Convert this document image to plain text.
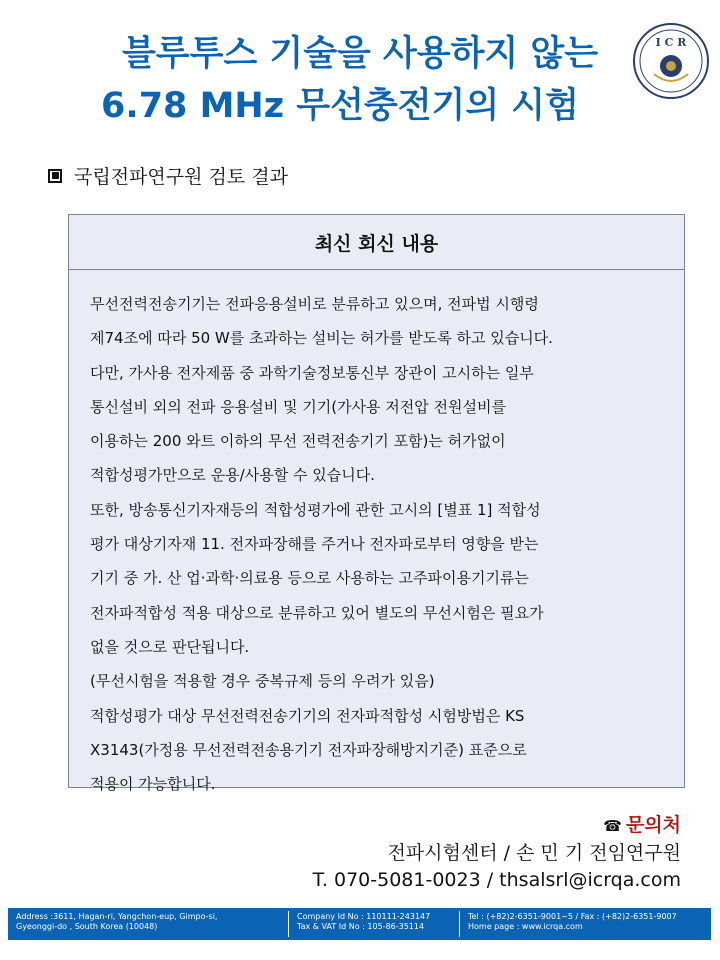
블루투스 기술을 사용하지 않는

6.78 MHz 무선충전기의 시험
I C R
국립전파연구원 검토 결과
최신 회신 내용

무선전력전송기기는 전파응용설비로 분류하고 있으며, 전파법 시행령

제74조에 따라 50 W를 초과하는 설비는 허가를 받도록 하고 있습니다.

다만, 가사용 전자제품 중 과학기술정보통신부 장관이 고시하는 일부

통신설비 외의 전파 응용설비 및 기기(가사용 저전압 전원설비를

이용하는 200 와트 이하의 무선 전력전송기기 포함)는 허가없이

적합성평가만으로 운용/사용할 수 있습니다.

또한, 방송통신기자재등의 적합성평가에 관한 고시의 [별표 1] 적합성

평가 대상기자재 11. 전자파장해를 주거나 전자파로부터 영향을 받는

기기 중 가. 산 업·과학·의료용 등으로 사용하는 고주파이용기기류는

전자파적합성 적용 대상으로 분류하고 있어 별도의 무선시험은 필요가

없을 것으로 판단됩니다.

(무선시험을 적용할 경우 중복규제 등의 우려가 있음)

적합성평가 대상 무선전력전송기기의 전자파적합성 시험방법은 KS

X3143(가정용 무선전력전송용기기 전자파장해방지기준) 표준으로

적용이 가능합니다.

☎ 문의처
전파시험센터 / 손 민 기 전임연구원
T. 070-5081-0023 / thsalsrl@icrqa.com
Address :3611, Hagan-ri, Yangchon-eup, Gimpo-si,
Gyeonggi-do , South Korea (10048)
Company Id No : 110111-243147
Tax & VAT Id No : 105-86-35114
Tel : (+82)2-6351-9001~5 / Fax : (+82)2-6351-9007
Home page : www.icrqa.com
